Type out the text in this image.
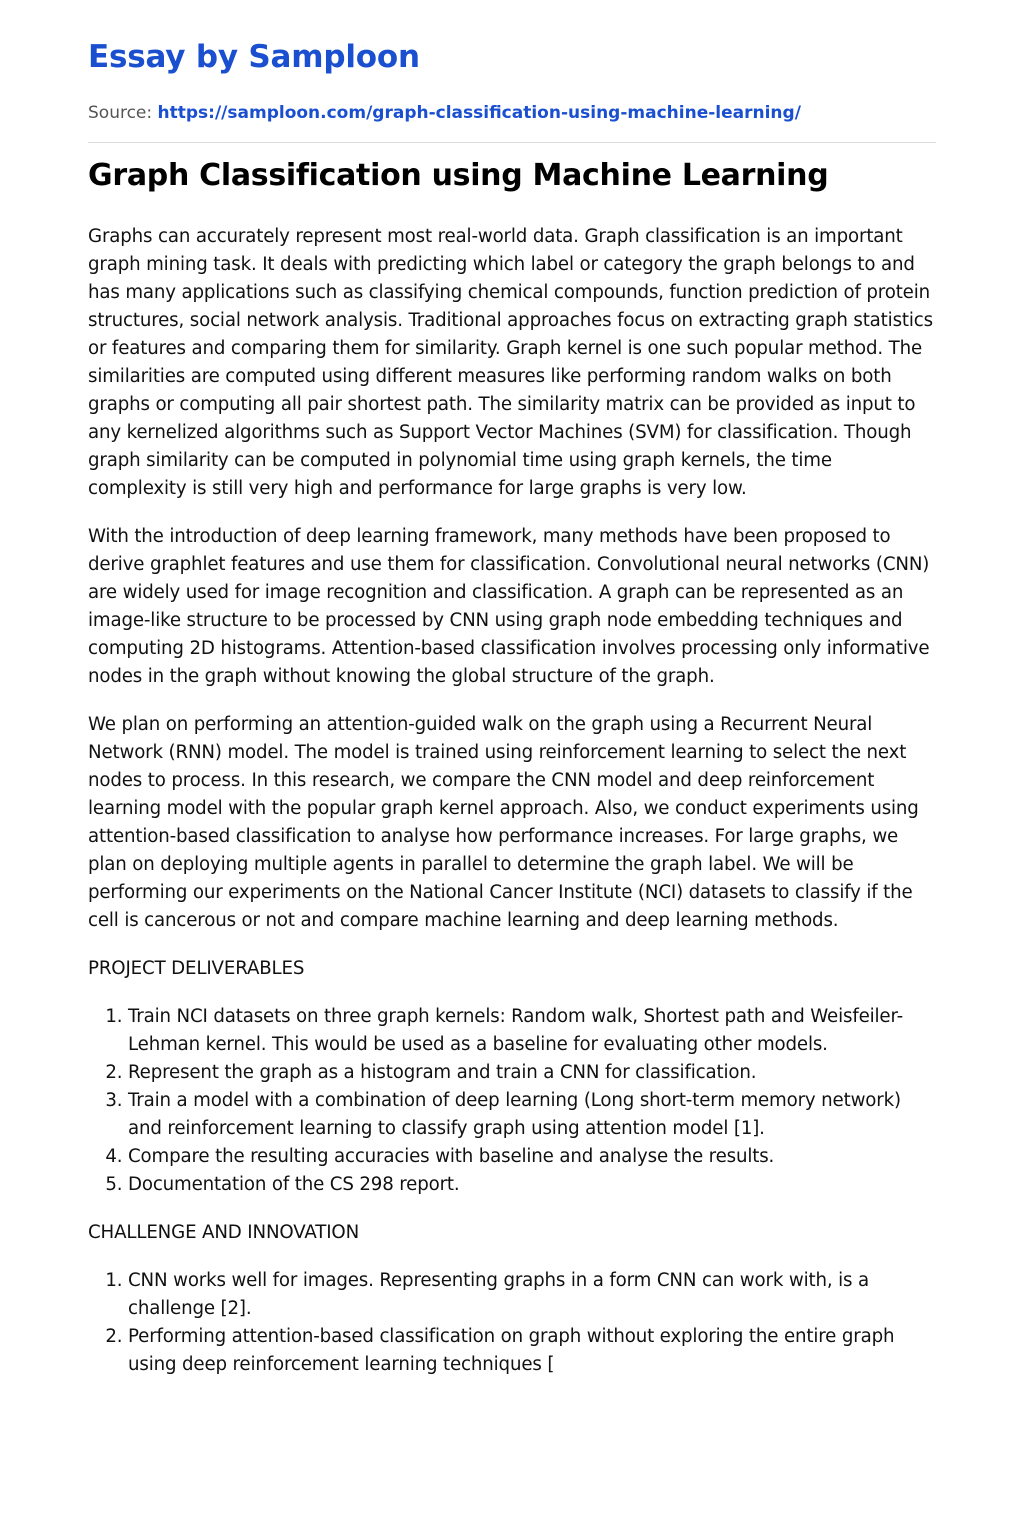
Essay by Samploon
Source: https://samploon.com/graph-classification-using-machine-learning/
Graph Classification using Machine Learning

Graphs can accurately represent most real-world data. Graph classification is an important graph mining task. It deals with predicting which label or category the graph belongs to and has many applications such as classifying chemical compounds, function prediction of protein structures, social network analysis. Traditional approaches focus on extracting graph statistics or features and comparing them for similarity. Graph kernel is one such popular method. The similarities are computed using different measures like performing random walks on both graphs or computing all pair shortest path. The similarity matrix can be provided as input to any kernelized algorithms such as Support Vector Machines (SVM) for classification. Though graph similarity can be computed in polynomial time using graph kernels, the time complexity is still very high and performance for large graphs is very low.

With the introduction of deep learning framework, many methods have been proposed to derive graphlet features and use them for classification. Convolutional neural networks (CNN) are widely used for image recognition and classification. A graph can be represented as an image-like structure to be processed by CNN using graph node embedding techniques and computing 2D histograms. Attention-based classification involves processing only informative nodes in the graph without knowing the global structure of the graph.

We plan on performing an attention-guided walk on the graph using a Recurrent Neural Network (RNN) model. The model is trained using reinforcement learning to select the next nodes to process. In this research, we compare the CNN model and deep reinforcement learning model with the popular graph kernel approach. Also, we conduct experiments using attention-based classification to analyse how performance increases. For large graphs, we plan on deploying multiple agents in parallel to determine the graph label. We will be performing our experiments on the National Cancer Institute (NCI) datasets to classify if the cell is cancerous or not and compare machine learning and deep learning methods.

PROJECT DELIVERABLES
1. Train NCI datasets on three graph kernels: Random walk, Shortest path and Weisfeiler-Lehman kernel. This would be used as a baseline for evaluating other models.
2. Represent the graph as a histogram and train a CNN for classification.
3. Train a model with a combination of deep learning (Long short-term memory network) and reinforcement learning to classify graph using attention model [1].
4. Compare the resulting accuracies with baseline and analyse the results.
5. Documentation of the CS 298 report.
CHALLENGE AND INNOVATION
1. CNN works well for images. Representing graphs in a form CNN can work with, is a challenge [2].
2. Performing attention-based classification on graph without exploring the entire graph using deep reinforcement learning techniques [
